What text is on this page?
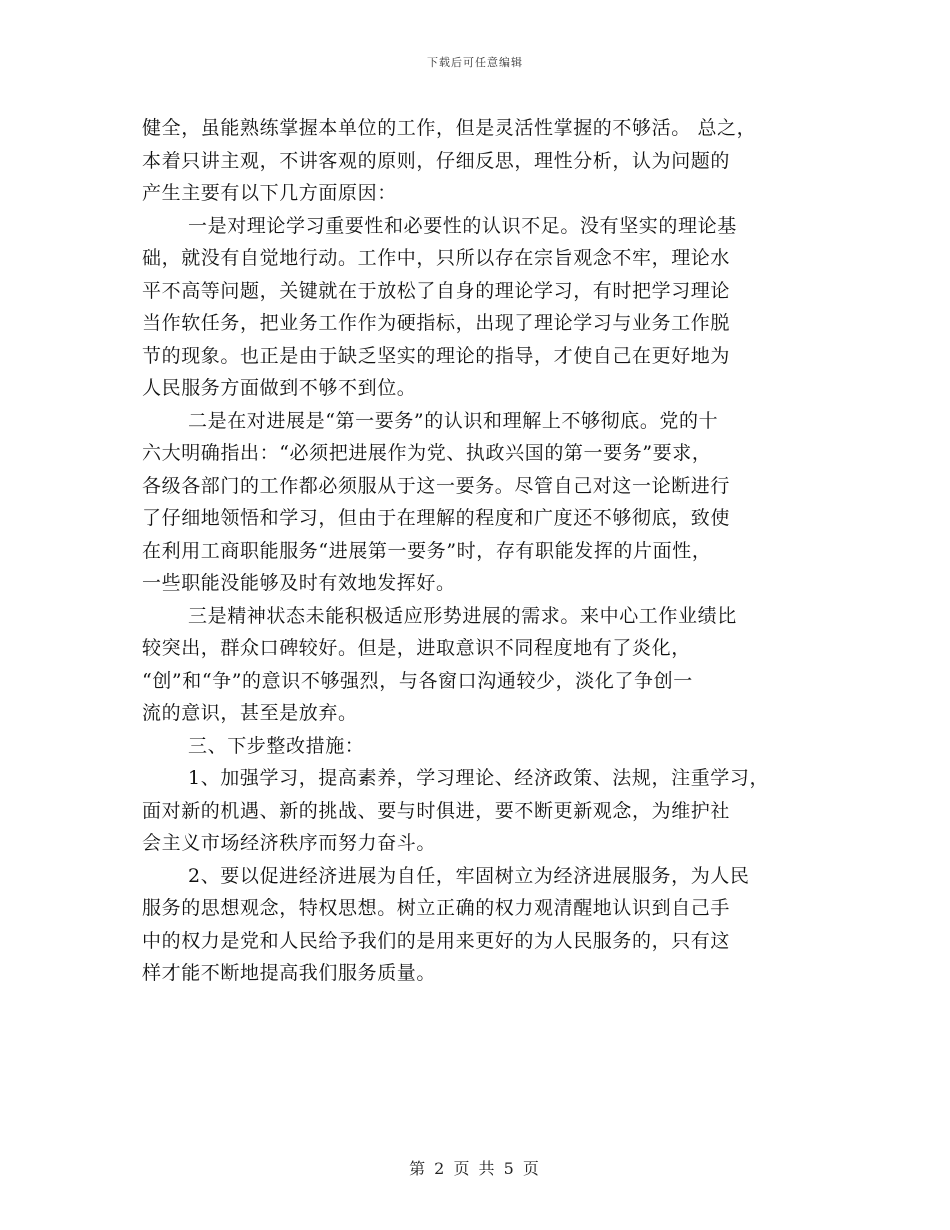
下载后可任意编辑
健全，虽能熟练掌握本单位的工作，但是灵活性掌握的不够活。 总之，
本着只讲主观，不讲客观的原则，仔细反思，理性分析，认为问题的
产生主要有以下几方面原因：
一是对理论学习重要性和必要性的认识不足。没有坚实的理论基
础，就没有自觉地行动。工作中，只所以存在宗旨观念不牢，理论水
平不高等问题，关键就在于放松了自身的理论学习，有时把学习理论
当作软任务，把业务工作作为硬指标，出现了理论学习与业务工作脱
节的现象。也正是由于缺乏坚实的理论的指导，才使自己在更好地为
人民服务方面做到不够不到位。
二是在对进展是“第一要务”的认识和理解上不够彻底。党的十
六大明确指出：“必须把进展作为党、执政兴国的第一要务”要求，
各级各部门的工作都必须服从于这一要务。尽管自己对这一论断进行
了仔细地领悟和学习，但由于在理解的程度和广度还不够彻底，致使
在利用工商职能服务“进展第一要务”时，存有职能发挥的片面性，
一些职能没能够及时有效地发挥好。
三是精神状态未能积极适应形势进展的需求。来中心工作业绩比
较突出，群众口碑较好。但是，进取意识不同程度地有了炎化，
“创”和“争”的意识不够强烈，与各窗口沟通较少，淡化了争创一
流的意识，甚至是放弃。
三、下步整改措施：
1、加强学习，提高素养，学习理论、经济政策、法规，注重学习，
面对新的机遇、新的挑战、要与时俱进，要不断更新观念，为维护社
会主义市场经济秩序而努力奋斗。
2、要以促进经济进展为自任，牢固树立为经济进展服务，为人民
服务的思想观念，特权思想。树立正确的权力观清醒地认识到自己手
中的权力是党和人民给予我们的是用来更好的为人民服务的，只有这
样才能不断地提高我们服务质量。
第 2 页 共 5 页
